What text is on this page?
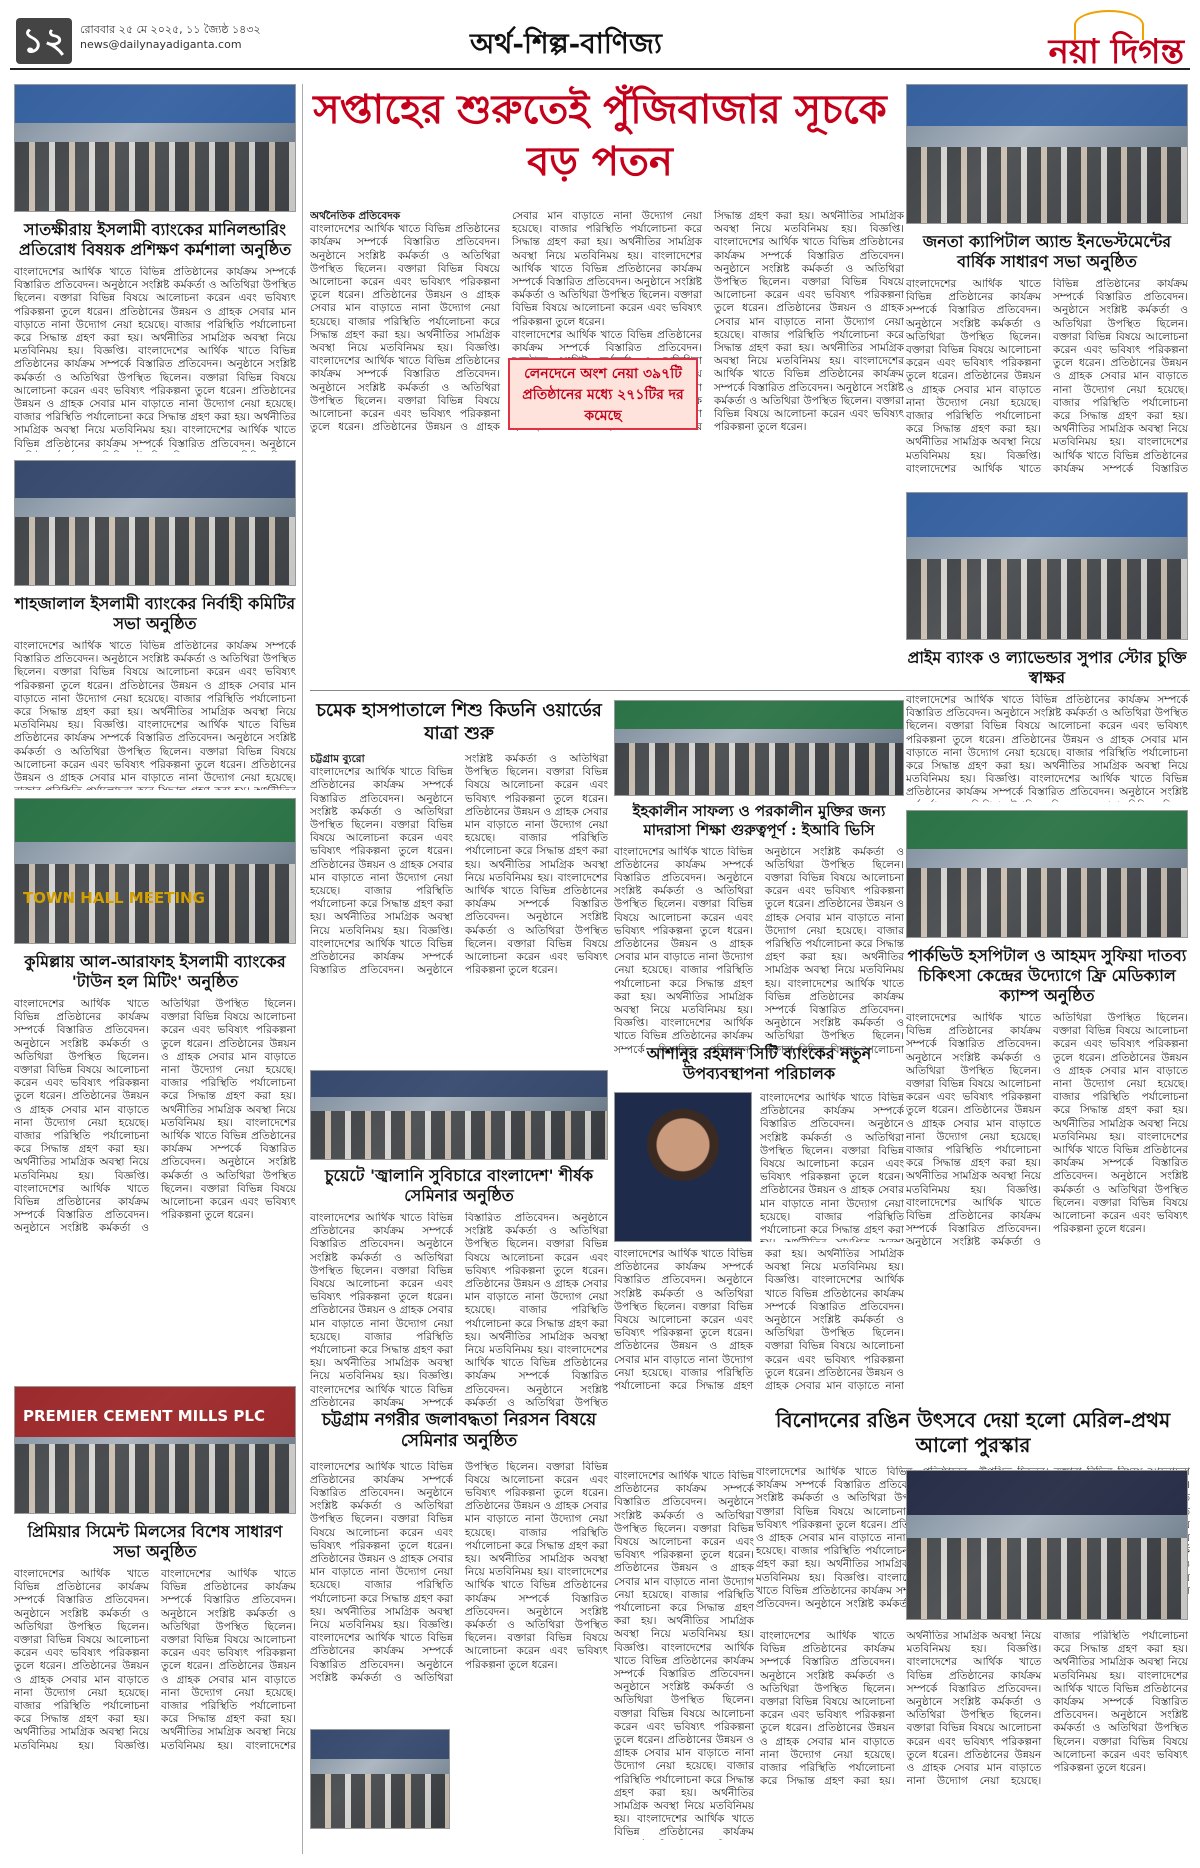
১২	রোববার ২৫ মে ২০২৫, ১১ জ্যৈষ্ঠ ১৪৩২
news@dailynayadiganta.com	অর্থ-শিল্প-বাণিজ্য	নয়া দিগন্ত
সাতক্ষীরায় ইসলামী ব্যাংকের মানিলন্ডারিং প্রতিরোধ বিষয়ক প্রশিক্ষণ কর্মশালা অনুষ্ঠিত
বাংলাদেশের আর্থিক খাতে বিভিন্ন প্রতিষ্ঠানের কার্যক্রম সম্পর্কে বিস্তারিত প্রতিবেদন। অনুষ্ঠানে সংশ্লিষ্ট কর্মকর্তা ও অতিথিরা উপস্থিত ছিলেন। বক্তারা বিভিন্ন বিষয়ে আলোচনা করেন এবং ভবিষ্যৎ পরিকল্পনা তুলে ধরেন। প্রতিষ্ঠানের উন্নয়ন ও গ্রাহক সেবার মান বাড়াতে নানা উদ্যোগ নেয়া হয়েছে। বাজার পরিস্থিতি পর্যালোচনা করে সিদ্ধান্ত গ্রহণ করা হয়। অর্থনীতির সামগ্রিক অবস্থা নিয়ে মতবিনিময় হয়। বিজ্ঞপ্তি। বাংলাদেশের আর্থিক খাতে বিভিন্ন প্রতিষ্ঠানের কার্যক্রম সম্পর্কে বিস্তারিত প্রতিবেদন। অনুষ্ঠানে সংশ্লিষ্ট কর্মকর্তা ও অতিথিরা উপস্থিত ছিলেন। বক্তারা বিভিন্ন বিষয়ে আলোচনা করেন এবং ভবিষ্যৎ পরিকল্পনা তুলে ধরেন। প্রতিষ্ঠানের উন্নয়ন ও গ্রাহক সেবার মান বাড়াতে নানা উদ্যোগ নেয়া হয়েছে। বাজার পরিস্থিতি পর্যালোচনা করে সিদ্ধান্ত গ্রহণ করা হয়। অর্থনীতির সামগ্রিক অবস্থা নিয়ে মতবিনিময় হয়। বাংলাদেশের আর্থিক খাতে বিভিন্ন প্রতিষ্ঠানের কার্যক্রম সম্পর্কে বিস্তারিত প্রতিবেদন। অনুষ্ঠানে সংশ্লিষ্ট কর্মকর্তা ও অতিথিরা উপস্থিত ছিলেন। বক্তারা বিভিন্ন বিষয়ে আলোচনা করেন এবং ভবিষ্যৎ পরিকল্পনা তুলে ধরেন।
শাহজালাল ইসলামী ব্যাংকের নির্বাহী কমিটির সভা অনুষ্ঠিত
বাংলাদেশের আর্থিক খাতে বিভিন্ন প্রতিষ্ঠানের কার্যক্রম সম্পর্কে বিস্তারিত প্রতিবেদন। অনুষ্ঠানে সংশ্লিষ্ট কর্মকর্তা ও অতিথিরা উপস্থিত ছিলেন। বক্তারা বিভিন্ন বিষয়ে আলোচনা করেন এবং ভবিষ্যৎ পরিকল্পনা তুলে ধরেন। প্রতিষ্ঠানের উন্নয়ন ও গ্রাহক সেবার মান বাড়াতে নানা উদ্যোগ নেয়া হয়েছে। বাজার পরিস্থিতি পর্যালোচনা করে সিদ্ধান্ত গ্রহণ করা হয়। অর্থনীতির সামগ্রিক অবস্থা নিয়ে মতবিনিময় হয়। বিজ্ঞপ্তি। বাংলাদেশের আর্থিক খাতে বিভিন্ন প্রতিষ্ঠানের কার্যক্রম সম্পর্কে বিস্তারিত প্রতিবেদন। অনুষ্ঠানে সংশ্লিষ্ট কর্মকর্তা ও অতিথিরা উপস্থিত ছিলেন। বক্তারা বিভিন্ন বিষয়ে আলোচনা করেন এবং ভবিষ্যৎ পরিকল্পনা তুলে ধরেন। প্রতিষ্ঠানের উন্নয়ন ও গ্রাহক সেবার মান বাড়াতে নানা উদ্যোগ নেয়া হয়েছে। বাজার পরিস্থিতি পর্যালোচনা করে সিদ্ধান্ত গ্রহণ করা হয়। অর্থনীতির সামগ্রিক অবস্থা নিয়ে মতবিনিময় হয়। বাংলাদেশের আর্থিক খাতে বিভিন্ন প্রতিষ্ঠানের কার্যক্রম সম্পর্কে বিস্তারিত প্রতিবেদন। অনুষ্ঠানে সংশ্লিষ্ট কর্মকর্তা ও অতিথিরা উপস্থিত ছিলেন। বক্তারা বিভিন্ন বিষয়ে আলোচনা করেন এবং ভবিষ্যৎ পরিকল্পনা তুলে ধরেন।
TOWN HALL MEETING
কুমিল্লায় আল-আরাফাহ ইসলামী ব্যাংকের 'টাউন হল মিটিং' অনুষ্ঠিত
বাংলাদেশের আর্থিক খাতে বিভিন্ন প্রতিষ্ঠানের কার্যক্রম সম্পর্কে বিস্তারিত প্রতিবেদন। অনুষ্ঠানে সংশ্লিষ্ট কর্মকর্তা ও অতিথিরা উপস্থিত ছিলেন। বক্তারা বিভিন্ন বিষয়ে আলোচনা করেন এবং ভবিষ্যৎ পরিকল্পনা তুলে ধরেন। প্রতিষ্ঠানের উন্নয়ন ও গ্রাহক সেবার মান বাড়াতে নানা উদ্যোগ নেয়া হয়েছে। বাজার পরিস্থিতি পর্যালোচনা করে সিদ্ধান্ত গ্রহণ করা হয়। অর্থনীতির সামগ্রিক অবস্থা নিয়ে মতবিনিময় হয়। বিজ্ঞপ্তি। বাংলাদেশের আর্থিক খাতে বিভিন্ন প্রতিষ্ঠানের কার্যক্রম সম্পর্কে বিস্তারিত প্রতিবেদন। অনুষ্ঠানে সংশ্লিষ্ট কর্মকর্তা ও অতিথিরা উপস্থিত ছিলেন। বক্তারা বিভিন্ন বিষয়ে আলোচনা করেন এবং ভবিষ্যৎ পরিকল্পনা তুলে ধরেন। প্রতিষ্ঠানের উন্নয়ন ও গ্রাহক সেবার মান বাড়াতে নানা উদ্যোগ নেয়া হয়েছে। বাজার পরিস্থিতি পর্যালোচনা করে সিদ্ধান্ত গ্রহণ করা হয়। অর্থনীতির সামগ্রিক অবস্থা নিয়ে মতবিনিময় হয়। বাংলাদেশের আর্থিক খাতে বিভিন্ন প্রতিষ্ঠানের কার্যক্রম সম্পর্কে বিস্তারিত প্রতিবেদন। অনুষ্ঠানে সংশ্লিষ্ট কর্মকর্তা ও অতিথিরা উপস্থিত ছিলেন। বক্তারা বিভিন্ন বিষয়ে আলোচনা করেন এবং ভবিষ্যৎ পরিকল্পনা তুলে ধরেন।
PREMIER CEMENT MILLS PLC
প্রিমিয়ার সিমেন্ট মিলসের বিশেষ সাধারণ সভা অনুষ্ঠিত
বাংলাদেশের আর্থিক খাতে বিভিন্ন প্রতিষ্ঠানের কার্যক্রম সম্পর্কে বিস্তারিত প্রতিবেদন। অনুষ্ঠানে সংশ্লিষ্ট কর্মকর্তা ও অতিথিরা উপস্থিত ছিলেন। বক্তারা বিভিন্ন বিষয়ে আলোচনা করেন এবং ভবিষ্যৎ পরিকল্পনা তুলে ধরেন। প্রতিষ্ঠানের উন্নয়ন ও গ্রাহক সেবার মান বাড়াতে নানা উদ্যোগ নেয়া হয়েছে। বাজার পরিস্থিতি পর্যালোচনা করে সিদ্ধান্ত গ্রহণ করা হয়। অর্থনীতির সামগ্রিক অবস্থা নিয়ে মতবিনিময় হয়। বিজ্ঞপ্তি। বাংলাদেশের আর্থিক খাতে বিভিন্ন প্রতিষ্ঠানের কার্যক্রম সম্পর্কে বিস্তারিত প্রতিবেদন। অনুষ্ঠানে সংশ্লিষ্ট কর্মকর্তা ও অতিথিরা উপস্থিত ছিলেন। বক্তারা বিভিন্ন বিষয়ে আলোচনা করেন এবং ভবিষ্যৎ পরিকল্পনা তুলে ধরেন। প্রতিষ্ঠানের উন্নয়ন ও গ্রাহক সেবার মান বাড়াতে নানা উদ্যোগ নেয়া হয়েছে। বাজার পরিস্থিতি পর্যালোচনা করে সিদ্ধান্ত গ্রহণ করা হয়। অর্থনীতির সামগ্রিক অবস্থা নিয়ে মতবিনিময় হয়। বাংলাদেশের আর্থিক খাতে বিভিন্ন প্রতিষ্ঠানের কার্যক্রম সম্পর্কে বিস্তারিত প্রতিবেদন। অনুষ্ঠানে সংশ্লিষ্ট কর্মকর্তা ও অতিথিরা উপস্থিত ছিলেন। বক্তারা বিভিন্ন বিষয়ে আলোচনা করেন এবং ভবিষ্যৎ পরিকল্পনা তুলে ধরেন।
সপ্তাহের শুরুতেই পুঁজিবাজার সূচকে বড় পতন
অর্থনৈতিক প্রতিবেদক
বাংলাদেশের আর্থিক খাতে বিভিন্ন প্রতিষ্ঠানের কার্যক্রম সম্পর্কে বিস্তারিত প্রতিবেদন। অনুষ্ঠানে সংশ্লিষ্ট কর্মকর্তা ও অতিথিরা উপস্থিত ছিলেন। বক্তারা বিভিন্ন বিষয়ে আলোচনা করেন এবং ভবিষ্যৎ পরিকল্পনা তুলে ধরেন। প্রতিষ্ঠানের উন্নয়ন ও গ্রাহক সেবার মান বাড়াতে নানা উদ্যোগ নেয়া হয়েছে। বাজার পরিস্থিতি পর্যালোচনা করে সিদ্ধান্ত গ্রহণ করা হয়। অর্থনীতির সামগ্রিক অবস্থা নিয়ে মতবিনিময় হয়। বিজ্ঞপ্তি। বাংলাদেশের আর্থিক খাতে বিভিন্ন প্রতিষ্ঠানের কার্যক্রম সম্পর্কে বিস্তারিত প্রতিবেদন। অনুষ্ঠানে সংশ্লিষ্ট কর্মকর্তা ও অতিথিরা উপস্থিত ছিলেন। বক্তারা বিভিন্ন বিষয়ে আলোচনা করেন এবং ভবিষ্যৎ পরিকল্পনা তুলে ধরেন। প্রতিষ্ঠানের উন্নয়ন ও গ্রাহক সেবার মান বাড়াতে নানা উদ্যোগ নেয়া হয়েছে। বাজার পরিস্থিতি পর্যালোচনা করে সিদ্ধান্ত গ্রহণ করা হয়। অর্থনীতির সামগ্রিক অবস্থা নিয়ে মতবিনিময় হয়। বাংলাদেশের আর্থিক খাতে বিভিন্ন প্রতিষ্ঠানের কার্যক্রম সম্পর্কে বিস্তারিত প্রতিবেদন। অনুষ্ঠানে সংশ্লিষ্ট কর্মকর্তা ও অতিথিরা উপস্থিত ছিলেন। বক্তারা বিভিন্ন বিষয়ে আলোচনা করেন এবং ভবিষ্যৎ পরিকল্পনা তুলে ধরেন।
বাংলাদেশের আর্থিক খাতে বিভিন্ন প্রতিষ্ঠানের কার্যক্রম সম্পর্কে বিস্তারিত প্রতিবেদন। অনুষ্ঠানে সংশ্লিষ্ট কর্মকর্তা ও অতিথিরা উপস্থিত ছিলেন। বক্তারা বিভিন্ন বিষয়ে আলোচনা করেন এবং ভবিষ্যৎ পরিকল্পনা তুলে ধরেন। প্রতিষ্ঠানের উন্নয়ন ও গ্রাহক সেবার মান বাড়াতে নানা উদ্যোগ নেয়া হয়েছে। বাজার পরিস্থিতি পর্যালোচনা করে সিদ্ধান্ত গ্রহণ করা হয়। অর্থনীতির সামগ্রিক অবস্থা নিয়ে মতবিনিময় হয়। বিজ্ঞপ্তি। বাংলাদেশের আর্থিক খাতে বিভিন্ন প্রতিষ্ঠানের কার্যক্রম সম্পর্কে বিস্তারিত প্রতিবেদন। অনুষ্ঠানে সংশ্লিষ্ট কর্মকর্তা ও অতিথিরা উপস্থিত ছিলেন। বক্তারা বিভিন্ন বিষয়ে আলোচনা করেন এবং ভবিষ্যৎ পরিকল্পনা তুলে ধরেন। প্রতিষ্ঠানের উন্নয়ন ও গ্রাহক সেবার মান বাড়াতে নানা উদ্যোগ নেয়া হয়েছে। বাজার পরিস্থিতি পর্যালোচনা করে সিদ্ধান্ত গ্রহণ করা হয়। অর্থনীতির সামগ্রিক অবস্থা নিয়ে মতবিনিময় হয়। বাংলাদেশের আর্থিক খাতে বিভিন্ন প্রতিষ্ঠানের কার্যক্রম সম্পর্কে বিস্তারিত প্রতিবেদন। অনুষ্ঠানে সংশ্লিষ্ট কর্মকর্তা ও অতিথিরা উপস্থিত ছিলেন। বক্তারা বিভিন্ন বিষয়ে আলোচনা করেন এবং ভবিষ্যৎ পরিকল্পনা তুলে ধরেন।
লেনদেনে অংশ নেয়া ৩৯৭টি প্রতিষ্ঠানের মধ্যে ২৭১টির দর কমেছে
জনতা ক্যাপিটাল অ্যান্ড ইনভেস্টমেন্টের বার্ষিক সাধারণ সভা অনুষ্ঠিত
বাংলাদেশের আর্থিক খাতে বিভিন্ন প্রতিষ্ঠানের কার্যক্রম সম্পর্কে বিস্তারিত প্রতিবেদন। অনুষ্ঠানে সংশ্লিষ্ট কর্মকর্তা ও অতিথিরা উপস্থিত ছিলেন। বক্তারা বিভিন্ন বিষয়ে আলোচনা করেন এবং ভবিষ্যৎ পরিকল্পনা তুলে ধরেন। প্রতিষ্ঠানের উন্নয়ন ও গ্রাহক সেবার মান বাড়াতে নানা উদ্যোগ নেয়া হয়েছে। বাজার পরিস্থিতি পর্যালোচনা করে সিদ্ধান্ত গ্রহণ করা হয়। অর্থনীতির সামগ্রিক অবস্থা নিয়ে মতবিনিময় হয়। বিজ্ঞপ্তি। বাংলাদেশের আর্থিক খাতে বিভিন্ন প্রতিষ্ঠানের কার্যক্রম সম্পর্কে বিস্তারিত প্রতিবেদন। অনুষ্ঠানে সংশ্লিষ্ট কর্মকর্তা ও অতিথিরা উপস্থিত ছিলেন। বক্তারা বিভিন্ন বিষয়ে আলোচনা করেন এবং ভবিষ্যৎ পরিকল্পনা তুলে ধরেন। প্রতিষ্ঠানের উন্নয়ন ও গ্রাহক সেবার মান বাড়াতে নানা উদ্যোগ নেয়া হয়েছে। বাজার পরিস্থিতি পর্যালোচনা করে সিদ্ধান্ত গ্রহণ করা হয়। অর্থনীতির সামগ্রিক অবস্থা নিয়ে মতবিনিময় হয়। বাংলাদেশের আর্থিক খাতে বিভিন্ন প্রতিষ্ঠানের কার্যক্রম সম্পর্কে বিস্তারিত প্রতিবেদন। অনুষ্ঠানে সংশ্লিষ্ট কর্মকর্তা ও অতিথিরা উপস্থিত ছিলেন। বক্তারা বিভিন্ন বিষয়ে আলোচনা করেন এবং ভবিষ্যৎ পরিকল্পনা তুলে ধরেন।
প্রাইম ব্যাংক ও ল্যাভেন্ডার সুপার স্টোর চুক্তি স্বাক্ষর
বাংলাদেশের আর্থিক খাতে বিভিন্ন প্রতিষ্ঠানের কার্যক্রম সম্পর্কে বিস্তারিত প্রতিবেদন। অনুষ্ঠানে সংশ্লিষ্ট কর্মকর্তা ও অতিথিরা উপস্থিত ছিলেন। বক্তারা বিভিন্ন বিষয়ে আলোচনা করেন এবং ভবিষ্যৎ পরিকল্পনা তুলে ধরেন। প্রতিষ্ঠানের উন্নয়ন ও গ্রাহক সেবার মান বাড়াতে নানা উদ্যোগ নেয়া হয়েছে। বাজার পরিস্থিতি পর্যালোচনা করে সিদ্ধান্ত গ্রহণ করা হয়। অর্থনীতির সামগ্রিক অবস্থা নিয়ে মতবিনিময় হয়। বিজ্ঞপ্তি। বাংলাদেশের আর্থিক খাতে বিভিন্ন প্রতিষ্ঠানের কার্যক্রম সম্পর্কে বিস্তারিত প্রতিবেদন। অনুষ্ঠানে সংশ্লিষ্ট কর্মকর্তা ও অতিথিরা উপস্থিত ছিলেন। বক্তারা বিভিন্ন বিষয়ে আলোচনা করেন এবং ভবিষ্যৎ পরিকল্পনা তুলে ধরেন। প্রতিষ্ঠানের উন্নয়ন ও গ্রাহক সেবার মান বাড়াতে নানা উদ্যোগ নেয়া হয়েছে। বাজার পরিস্থিতি পর্যালোচনা করে সিদ্ধান্ত গ্রহণ করা হয়। অর্থনীতির সামগ্রিক অবস্থা নিয়ে মতবিনিময় হয়। বাংলাদেশের আর্থিক খাতে বিভিন্ন প্রতিষ্ঠানের কার্যক্রম সম্পর্কে বিস্তারিত প্রতিবেদন। অনুষ্ঠানে সংশ্লিষ্ট কর্মকর্তা ও অতিথিরা উপস্থিত ছিলেন। বক্তারা বিভিন্ন বিষয়ে আলোচনা করেন এবং ভবিষ্যৎ পরিকল্পনা তুলে ধরেন।
পার্কভিউ হসপিটাল ও আহমদ সুফিয়া দাতব্য চিকিৎসা কেন্দ্রের উদ্যোগে ফ্রি মেডিক্যাল ক্যাম্প অনুষ্ঠিত
বাংলাদেশের আর্থিক খাতে বিভিন্ন প্রতিষ্ঠানের কার্যক্রম সম্পর্কে বিস্তারিত প্রতিবেদন। অনুষ্ঠানে সংশ্লিষ্ট কর্মকর্তা ও অতিথিরা উপস্থিত ছিলেন। বক্তারা বিভিন্ন বিষয়ে আলোচনা করেন এবং ভবিষ্যৎ পরিকল্পনা তুলে ধরেন। প্রতিষ্ঠানের উন্নয়ন ও গ্রাহক সেবার মান বাড়াতে নানা উদ্যোগ নেয়া হয়েছে। বাজার পরিস্থিতি পর্যালোচনা করে সিদ্ধান্ত গ্রহণ করা হয়। অর্থনীতির সামগ্রিক অবস্থা নিয়ে মতবিনিময় হয়। বিজ্ঞপ্তি। বাংলাদেশের আর্থিক খাতে বিভিন্ন প্রতিষ্ঠানের কার্যক্রম সম্পর্কে বিস্তারিত প্রতিবেদন। অনুষ্ঠানে সংশ্লিষ্ট কর্মকর্তা ও অতিথিরা উপস্থিত ছিলেন। বক্তারা বিভিন্ন বিষয়ে আলোচনা করেন এবং ভবিষ্যৎ পরিকল্পনা তুলে ধরেন। প্রতিষ্ঠানের উন্নয়ন ও গ্রাহক সেবার মান বাড়াতে নানা উদ্যোগ নেয়া হয়েছে। বাজার পরিস্থিতি পর্যালোচনা করে সিদ্ধান্ত গ্রহণ করা হয়। অর্থনীতির সামগ্রিক অবস্থা নিয়ে মতবিনিময় হয়। বাংলাদেশের আর্থিক খাতে বিভিন্ন প্রতিষ্ঠানের কার্যক্রম সম্পর্কে বিস্তারিত প্রতিবেদন। অনুষ্ঠানে সংশ্লিষ্ট কর্মকর্তা ও অতিথিরা উপস্থিত ছিলেন। বক্তারা বিভিন্ন বিষয়ে আলোচনা করেন এবং ভবিষ্যৎ পরিকল্পনা তুলে ধরেন।
চমেক হাসপাতালে শিশু কিডনি ওয়ার্ডের যাত্রা শুরু
চট্টগ্রাম ব্যুরো
বাংলাদেশের আর্থিক খাতে বিভিন্ন প্রতিষ্ঠানের কার্যক্রম সম্পর্কে বিস্তারিত প্রতিবেদন। অনুষ্ঠানে সংশ্লিষ্ট কর্মকর্তা ও অতিথিরা উপস্থিত ছিলেন। বক্তারা বিভিন্ন বিষয়ে আলোচনা করেন এবং ভবিষ্যৎ পরিকল্পনা তুলে ধরেন। প্রতিষ্ঠানের উন্নয়ন ও গ্রাহক সেবার মান বাড়াতে নানা উদ্যোগ নেয়া হয়েছে। বাজার পরিস্থিতি পর্যালোচনা করে সিদ্ধান্ত গ্রহণ করা হয়। অর্থনীতির সামগ্রিক অবস্থা নিয়ে মতবিনিময় হয়। বিজ্ঞপ্তি। বাংলাদেশের আর্থিক খাতে বিভিন্ন প্রতিষ্ঠানের কার্যক্রম সম্পর্কে বিস্তারিত প্রতিবেদন। অনুষ্ঠানে সংশ্লিষ্ট কর্মকর্তা ও অতিথিরা উপস্থিত ছিলেন। বক্তারা বিভিন্ন বিষয়ে আলোচনা করেন এবং ভবিষ্যৎ পরিকল্পনা তুলে ধরেন। প্রতিষ্ঠানের উন্নয়ন ও গ্রাহক সেবার মান বাড়াতে নানা উদ্যোগ নেয়া হয়েছে। বাজার পরিস্থিতি পর্যালোচনা করে সিদ্ধান্ত গ্রহণ করা হয়। অর্থনীতির সামগ্রিক অবস্থা নিয়ে মতবিনিময় হয়। বাংলাদেশের আর্থিক খাতে বিভিন্ন প্রতিষ্ঠানের কার্যক্রম সম্পর্কে বিস্তারিত প্রতিবেদন। অনুষ্ঠানে সংশ্লিষ্ট কর্মকর্তা ও অতিথিরা উপস্থিত ছিলেন। বক্তারা বিভিন্ন বিষয়ে আলোচনা করেন এবং ভবিষ্যৎ পরিকল্পনা তুলে ধরেন।
ইহকালীন সাফল্য ও পরকালীন মুক্তির জন্য মাদরাসা শিক্ষা গুরুত্বপূর্ণ : ইআবি ভিসি
বাংলাদেশের আর্থিক খাতে বিভিন্ন প্রতিষ্ঠানের কার্যক্রম সম্পর্কে বিস্তারিত প্রতিবেদন। অনুষ্ঠানে সংশ্লিষ্ট কর্মকর্তা ও অতিথিরা উপস্থিত ছিলেন। বক্তারা বিভিন্ন বিষয়ে আলোচনা করেন এবং ভবিষ্যৎ পরিকল্পনা তুলে ধরেন। প্রতিষ্ঠানের উন্নয়ন ও গ্রাহক সেবার মান বাড়াতে নানা উদ্যোগ নেয়া হয়েছে। বাজার পরিস্থিতি পর্যালোচনা করে সিদ্ধান্ত গ্রহণ করা হয়। অর্থনীতির সামগ্রিক অবস্থা নিয়ে মতবিনিময় হয়। বিজ্ঞপ্তি। বাংলাদেশের আর্থিক খাতে বিভিন্ন প্রতিষ্ঠানের কার্যক্রম সম্পর্কে বিস্তারিত প্রতিবেদন। অনুষ্ঠানে সংশ্লিষ্ট কর্মকর্তা ও অতিথিরা উপস্থিত ছিলেন। বক্তারা বিভিন্ন বিষয়ে আলোচনা করেন এবং ভবিষ্যৎ পরিকল্পনা তুলে ধরেন। প্রতিষ্ঠানের উন্নয়ন ও গ্রাহক সেবার মান বাড়াতে নানা উদ্যোগ নেয়া হয়েছে। বাজার পরিস্থিতি পর্যালোচনা করে সিদ্ধান্ত গ্রহণ করা হয়। অর্থনীতির সামগ্রিক অবস্থা নিয়ে মতবিনিময় হয়। বাংলাদেশের আর্থিক খাতে বিভিন্ন প্রতিষ্ঠানের কার্যক্রম সম্পর্কে বিস্তারিত প্রতিবেদন। অনুষ্ঠানে সংশ্লিষ্ট কর্মকর্তা ও অতিথিরা উপস্থিত ছিলেন। বক্তারা বিভিন্ন বিষয়ে আলোচনা করেন এবং ভবিষ্যৎ পরিকল্পনা তুলে ধরেন।
চুয়েটে 'জ্বালানি সুবিচারে বাংলাদেশ' শীর্ষক সেমিনার অনুষ্ঠিত
বাংলাদেশের আর্থিক খাতে বিভিন্ন প্রতিষ্ঠানের কার্যক্রম সম্পর্কে বিস্তারিত প্রতিবেদন। অনুষ্ঠানে সংশ্লিষ্ট কর্মকর্তা ও অতিথিরা উপস্থিত ছিলেন। বক্তারা বিভিন্ন বিষয়ে আলোচনা করেন এবং ভবিষ্যৎ পরিকল্পনা তুলে ধরেন। প্রতিষ্ঠানের উন্নয়ন ও গ্রাহক সেবার মান বাড়াতে নানা উদ্যোগ নেয়া হয়েছে। বাজার পরিস্থিতি পর্যালোচনা করে সিদ্ধান্ত গ্রহণ করা হয়। অর্থনীতির সামগ্রিক অবস্থা নিয়ে মতবিনিময় হয়। বিজ্ঞপ্তি। বাংলাদেশের আর্থিক খাতে বিভিন্ন প্রতিষ্ঠানের কার্যক্রম সম্পর্কে বিস্তারিত প্রতিবেদন। অনুষ্ঠানে সংশ্লিষ্ট কর্মকর্তা ও অতিথিরা উপস্থিত ছিলেন। বক্তারা বিভিন্ন বিষয়ে আলোচনা করেন এবং ভবিষ্যৎ পরিকল্পনা তুলে ধরেন। প্রতিষ্ঠানের উন্নয়ন ও গ্রাহক সেবার মান বাড়াতে নানা উদ্যোগ নেয়া হয়েছে। বাজার পরিস্থিতি পর্যালোচনা করে সিদ্ধান্ত গ্রহণ করা হয়। অর্থনীতির সামগ্রিক অবস্থা নিয়ে মতবিনিময় হয়। বাংলাদেশের আর্থিক খাতে বিভিন্ন প্রতিষ্ঠানের কার্যক্রম সম্পর্কে বিস্তারিত প্রতিবেদন। অনুষ্ঠানে সংশ্লিষ্ট কর্মকর্তা ও অতিথিরা উপস্থিত ছিলেন। বক্তারা বিভিন্ন বিষয়ে আলোচনা করেন এবং ভবিষ্যৎ পরিকল্পনা তুলে ধরেন।
আশানুর রহমান সিটি ব্যাংকের নতুন উপব্যবস্থাপনা পরিচালক
বাংলাদেশের আর্থিক খাতে বিভিন্ন প্রতিষ্ঠানের কার্যক্রম সম্পর্কে বিস্তারিত প্রতিবেদন। অনুষ্ঠানে সংশ্লিষ্ট কর্মকর্তা ও অতিথিরা উপস্থিত ছিলেন। বক্তারা বিভিন্ন বিষয়ে আলোচনা করেন এবং ভবিষ্যৎ পরিকল্পনা তুলে ধরেন। প্রতিষ্ঠানের উন্নয়ন ও গ্রাহক সেবার মান বাড়াতে নানা উদ্যোগ নেয়া হয়েছে। বাজার পরিস্থিতি পর্যালোচনা করে সিদ্ধান্ত গ্রহণ করা হয়। অর্থনীতির সামগ্রিক অবস্থা নিয়ে মতবিনিময় হয়। বিজ্ঞপ্তি। বাংলাদেশের আর্থিক খাতে বিভিন্ন প্রতিষ্ঠানের কার্যক্রম সম্পর্কে বিস্তারিত প্রতিবেদন। অনুষ্ঠানে সংশ্লিষ্ট কর্মকর্তা ও অতিথিরা উপস্থিত ছিলেন। বক্তারা বিভিন্ন বিষয়ে আলোচনা করেন এবং ভবিষ্যৎ পরিকল্পনা তুলে ধরেন। প্রতিষ্ঠানের উন্নয়ন ও গ্রাহক সেবার মান বাড়াতে নানা উদ্যোগ নেয়া হয়েছে। বাজার পরিস্থিতি পর্যালোচনা করে সিদ্ধান্ত গ্রহণ করা হয়। অর্থনীতির সামগ্রিক অবস্থা নিয়ে মতবিনিময় হয়। বাংলাদেশের আর্থিক খাতে বিভিন্ন প্রতিষ্ঠানের কার্যক্রম সম্পর্কে বিস্তারিত প্রতিবেদন। অনুষ্ঠানে সংশ্লিষ্ট কর্মকর্তা ও অতিথিরা উপস্থিত ছিলেন। বক্তারা বিভিন্ন বিষয়ে আলোচনা করেন এবং ভবিষ্যৎ পরিকল্পনা তুলে ধরেন।
বাংলাদেশের আর্থিক খাতে বিভিন্ন প্রতিষ্ঠানের কার্যক্রম সম্পর্কে বিস্তারিত প্রতিবেদন। অনুষ্ঠানে সংশ্লিষ্ট কর্মকর্তা ও অতিথিরা উপস্থিত ছিলেন। বক্তারা বিভিন্ন বিষয়ে আলোচনা করেন এবং ভবিষ্যৎ পরিকল্পনা তুলে ধরেন। প্রতিষ্ঠানের উন্নয়ন ও গ্রাহক সেবার মান বাড়াতে নানা উদ্যোগ নেয়া হয়েছে। বাজার পরিস্থিতি পর্যালোচনা করে সিদ্ধান্ত গ্রহণ করা হয়। অর্থনীতির সামগ্রিক অবস্থা নিয়ে মতবিনিময় হয়। বিজ্ঞপ্তি। বাংলাদেশের আর্থিক খাতে বিভিন্ন প্রতিষ্ঠানের কার্যক্রম সম্পর্কে বিস্তারিত প্রতিবেদন। অনুষ্ঠানে সংশ্লিষ্ট কর্মকর্তা ও অতিথিরা উপস্থিত ছিলেন। বক্তারা বিভিন্ন বিষয়ে আলোচনা করেন এবং ভবিষ্যৎ পরিকল্পনা তুলে ধরেন। প্রতিষ্ঠানের উন্নয়ন ও গ্রাহক সেবার মান বাড়াতে নানা উদ্যোগ নেয়া হয়েছে। বাজার পরিস্থিতি পর্যালোচনা করে সিদ্ধান্ত গ্রহণ করা হয়। অর্থনীতির সামগ্রিক অবস্থা নিয়ে মতবিনিময় হয়। বাংলাদেশের আর্থিক খাতে বিভিন্ন প্রতিষ্ঠানের কার্যক্রম সম্পর্কে বিস্তারিত প্রতিবেদন। অনুষ্ঠানে সংশ্লিষ্ট কর্মকর্তা ও অতিথিরা উপস্থিত ছিলেন। বক্তারা বিভিন্ন বিষয়ে আলোচনা করেন এবং ভবিষ্যৎ পরিকল্পনা তুলে ধরেন।
চট্টগ্রাম নগরীর জলাবদ্ধতা নিরসন বিষয়ে সেমিনার অনুষ্ঠিত
বাংলাদেশের আর্থিক খাতে বিভিন্ন প্রতিষ্ঠানের কার্যক্রম সম্পর্কে বিস্তারিত প্রতিবেদন। অনুষ্ঠানে সংশ্লিষ্ট কর্মকর্তা ও অতিথিরা উপস্থিত ছিলেন। বক্তারা বিভিন্ন বিষয়ে আলোচনা করেন এবং ভবিষ্যৎ পরিকল্পনা তুলে ধরেন। প্রতিষ্ঠানের উন্নয়ন ও গ্রাহক সেবার মান বাড়াতে নানা উদ্যোগ নেয়া হয়েছে। বাজার পরিস্থিতি পর্যালোচনা করে সিদ্ধান্ত গ্রহণ করা হয়। অর্থনীতির সামগ্রিক অবস্থা নিয়ে মতবিনিময় হয়। বিজ্ঞপ্তি। বাংলাদেশের আর্থিক খাতে বিভিন্ন প্রতিষ্ঠানের কার্যক্রম সম্পর্কে বিস্তারিত প্রতিবেদন। অনুষ্ঠানে সংশ্লিষ্ট কর্মকর্তা ও অতিথিরা উপস্থিত ছিলেন। বক্তারা বিভিন্ন বিষয়ে আলোচনা করেন এবং ভবিষ্যৎ পরিকল্পনা তুলে ধরেন। প্রতিষ্ঠানের উন্নয়ন ও গ্রাহক সেবার মান বাড়াতে নানা উদ্যোগ নেয়া হয়েছে। বাজার পরিস্থিতি পর্যালোচনা করে সিদ্ধান্ত গ্রহণ করা হয়। অর্থনীতির সামগ্রিক অবস্থা নিয়ে মতবিনিময় হয়। বাংলাদেশের আর্থিক খাতে বিভিন্ন প্রতিষ্ঠানের কার্যক্রম সম্পর্কে বিস্তারিত প্রতিবেদন। অনুষ্ঠানে সংশ্লিষ্ট কর্মকর্তা ও অতিথিরা উপস্থিত ছিলেন। বক্তারা বিভিন্ন বিষয়ে আলোচনা করেন এবং ভবিষ্যৎ পরিকল্পনা তুলে ধরেন।
বিনোদনের রঙিন উৎসবে দেয়া হলো মেরিল-প্রথম আলো পুরস্কার
বাংলাদেশের আর্থিক খাতে বিভিন্ন প্রতিষ্ঠানের কার্যক্রম সম্পর্কে বিস্তারিত প্রতিবেদন। অনুষ্ঠানে সংশ্লিষ্ট কর্মকর্তা ও অতিথিরা উপস্থিত ছিলেন। বক্তারা বিভিন্ন বিষয়ে আলোচনা করেন এবং ভবিষ্যৎ পরিকল্পনা তুলে ধরেন। প্রতিষ্ঠানের উন্নয়ন ও গ্রাহক সেবার মান বাড়াতে নানা উদ্যোগ নেয়া হয়েছে। বাজার পরিস্থিতি পর্যালোচনা করে সিদ্ধান্ত গ্রহণ করা হয়। অর্থনীতির সামগ্রিক অবস্থা নিয়ে মতবিনিময় হয়। বিজ্ঞপ্তি। বাংলাদেশের আর্থিক খাতে বিভিন্ন প্রতিষ্ঠানের কার্যক্রম সম্পর্কে বিস্তারিত প্রতিবেদন। অনুষ্ঠানে সংশ্লিষ্ট কর্মকর্তা ও অতিথিরা উপস্থিত ছিলেন। বক্তারা বিভিন্ন বিষয়ে আলোচনা করেন এবং ভবিষ্যৎ পরিকল্পনা তুলে ধরেন। প্রতিষ্ঠানের উন্নয়ন ও গ্রাহক সেবার মান বাড়াতে নানা উদ্যোগ নেয়া হয়েছে। বাজার পরিস্থিতি পর্যালোচনা করে সিদ্ধান্ত গ্রহণ করা হয়। অর্থনীতির সামগ্রিক অবস্থা নিয়ে মতবিনিময় হয়। বাংলাদেশের আর্থিক খাতে বিভিন্ন প্রতিষ্ঠানের কার্যক্রম সম্পর্কে বিস্তারিত প্রতিবেদন। অনুষ্ঠানে সংশ্লিষ্ট কর্মকর্তা ও অতিথিরা উপস্থিত ছিলেন। বক্তারা বিভিন্ন বিষয়ে আলোচনা করেন এবং ভবিষ্যৎ পরিকল্পনা তুলে ধরেন।
বাংলাদেশের আর্থিক খাতে বিভিন্ন প্রতিষ্ঠানের কার্যক্রম সম্পর্কে বিস্তারিত প্রতিবেদন। অনুষ্ঠানে সংশ্লিষ্ট কর্মকর্তা ও অতিথিরা উপস্থিত ছিলেন। বক্তারা বিভিন্ন বিষয়ে আলোচনা করেন এবং ভবিষ্যৎ পরিকল্পনা তুলে ধরেন। প্রতিষ্ঠানের উন্নয়ন ও গ্রাহক সেবার মান বাড়াতে নানা উদ্যোগ নেয়া হয়েছে। বাজার পরিস্থিতি পর্যালোচনা করে সিদ্ধান্ত গ্রহণ করা হয়। অর্থনীতির সামগ্রিক অবস্থা নিয়ে মতবিনিময় হয়। বিজ্ঞপ্তি। বাংলাদেশের আর্থিক খাতে বিভিন্ন প্রতিষ্ঠানের কার্যক্রম সম্পর্কে বিস্তারিত প্রতিবেদন। অনুষ্ঠানে সংশ্লিষ্ট কর্মকর্তা ও অতিথিরা উপস্থিত ছিলেন। বক্তারা বিভিন্ন বিষয়ে আলোচনা করেন এবং ভবিষ্যৎ পরিকল্পনা তুলে ধরেন। প্রতিষ্ঠানের উন্নয়ন ও গ্রাহক সেবার মান বাড়াতে নানা উদ্যোগ নেয়া হয়েছে। বাজার পরিস্থিতি পর্যালোচনা করে সিদ্ধান্ত গ্রহণ করা হয়। অর্থনীতির সামগ্রিক অবস্থা নিয়ে মতবিনিময় হয়। বাংলাদেশের আর্থিক খাতে বিভিন্ন প্রতিষ্ঠানের কার্যক্রম সম্পর্কে বিস্তারিত প্রতিবেদন। অনুষ্ঠানে সংশ্লিষ্ট কর্মকর্তা ও অতিথিরা উপস্থিত ছিলেন। বক্তারা বিভিন্ন বিষয়ে আলোচনা করেন এবং ভবিষ্যৎ পরিকল্পনা তুলে ধরেন।
বাংলাদেশের আর্থিক খাতে বিভিন্ন প্রতিষ্ঠানের কার্যক্রম সম্পর্কে বিস্তারিত প্রতিবেদন। অনুষ্ঠানে সংশ্লিষ্ট কর্মকর্তা ও অতিথিরা উপস্থিত ছিলেন। বক্তারা বিভিন্ন বিষয়ে আলোচনা করেন এবং ভবিষ্যৎ পরিকল্পনা তুলে ধরেন। প্রতিষ্ঠানের উন্নয়ন ও গ্রাহক সেবার মান বাড়াতে নানা উদ্যোগ নেয়া হয়েছে। বাজার পরিস্থিতি পর্যালোচনা করে সিদ্ধান্ত গ্রহণ করা হয়। অর্থনীতির সামগ্রিক অবস্থা নিয়ে মতবিনিময় হয়। বিজ্ঞপ্তি। বাংলাদেশের আর্থিক খাতে বিভিন্ন প্রতিষ্ঠানের কার্যক্রম সম্পর্কে বিস্তারিত প্রতিবেদন। অনুষ্ঠানে সংশ্লিষ্ট কর্মকর্তা ও অতিথিরা উপস্থিত ছিলেন। বক্তারা বিভিন্ন বিষয়ে আলোচনা করেন এবং ভবিষ্যৎ পরিকল্পনা তুলে ধরেন। প্রতিষ্ঠানের উন্নয়ন ও গ্রাহক সেবার মান বাড়াতে নানা উদ্যোগ নেয়া হয়েছে। বাজার পরিস্থিতি পর্যালোচনা করে সিদ্ধান্ত গ্রহণ করা হয়। অর্থনীতির সামগ্রিক অবস্থা নিয়ে মতবিনিময় হয়। বাংলাদেশের আর্থিক খাতে বিভিন্ন প্রতিষ্ঠানের কার্যক্রম সম্পর্কে বিস্তারিত প্রতিবেদন। অনুষ্ঠানে সংশ্লিষ্ট কর্মকর্তা ও অতিথিরা উপস্থিত ছিলেন। বক্তারা বিভিন্ন বিষয়ে আলোচনা করেন এবং ভবিষ্যৎ পরিকল্পনা তুলে ধরেন।
